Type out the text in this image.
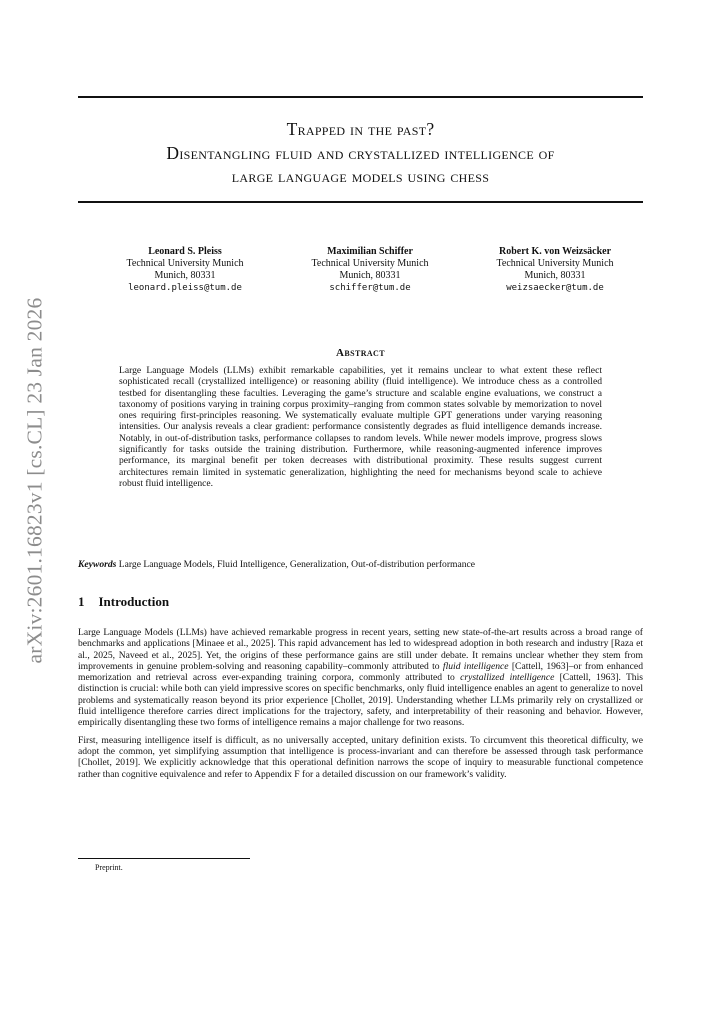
arXiv:2601.16823v1 [cs.CL] 23 Jan 2026
Trapped in the past?
Disentangling fluid and crystallized intelligence of
large language models using chess
Leonard S. Pleiss
Technical University Munich
Munich, 80331
leonard.pleiss@tum.de
Maximilian Schiffer
Technical University Munich
Munich, 80331
schiffer@tum.de
Robert K. von Weizsäcker
Technical University Munich
Munich, 80331
weizsaecker@tum.de
Abstract
Large Language Models (LLMs) exhibit remarkable capabilities, yet it remains unclear to what extent these reflect sophisticated recall (crystallized intelligence) or reasoning ability (fluid intelligence). We introduce chess as a controlled testbed for disentangling these faculties. Leveraging the game’s structure and scalable engine evaluations, we construct a taxonomy of positions varying in training corpus proximity–ranging from common states solvable by memorization to novel ones requiring first-principles reasoning. We systematically evaluate multiple GPT generations under varying reasoning intensities. Our analysis reveals a clear gradient: performance consistently degrades as fluid intelligence demands increase. Notably, in out-of-distribution tasks, performance collapses to random levels. While newer models improve, progress slows significantly for tasks outside the training distribution. Furthermore, while reasoning-augmented inference improves performance, its marginal benefit per token decreases with distributional proximity. These results suggest current architectures remain limited in systematic generalization, highlighting the need for mechanisms beyond scale to achieve robust fluid intelligence.
Keywords Large Language Models, Fluid Intelligence, Generalization, Out-of-distribution performance
1 Introduction

Large Language Models (LLMs) have achieved remarkable progress in recent years, setting new state-of-the-art results across a broad range of benchmarks and applications [Minaee et al., 2025]. This rapid advancement has led to widespread adoption in both research and industry [Raza et al., 2025, Naveed et al., 2025]. Yet, the origins of these performance gains are still under debate. It remains unclear whether they stem from improvements in genuine problem-solving and reasoning capability–commonly attributed to fluid intelligence [Cattell, 1963]–or from enhanced memorization and retrieval across ever-expanding training corpora, commonly attributed to crystallized intelligence [Cattell, 1963]. This distinction is crucial: while both can yield impressive scores on specific benchmarks, only fluid intelligence enables an agent to generalize to novel problems and systematically reason beyond its prior experience [Chollet, 2019]. Understanding whether LLMs primarily rely on crystallized or fluid intelligence therefore carries direct implications for the trajectory, safety, and interpretability of their reasoning and behavior. However, empirically disentangling these two forms of intelligence remains a major challenge for two reasons.

First, measuring intelligence itself is difficult, as no universally accepted, unitary definition exists. To circumvent this theoretical difficulty, we adopt the common, yet simplifying assumption that intelligence is process-invariant and can therefore be assessed through task performance [Chollet, 2019]. We explicitly acknowledge that this operational definition narrows the scope of inquiry to measurable functional competence rather than cognitive equivalence and refer to Appendix F for a detailed discussion on our framework’s validity.

Preprint.
